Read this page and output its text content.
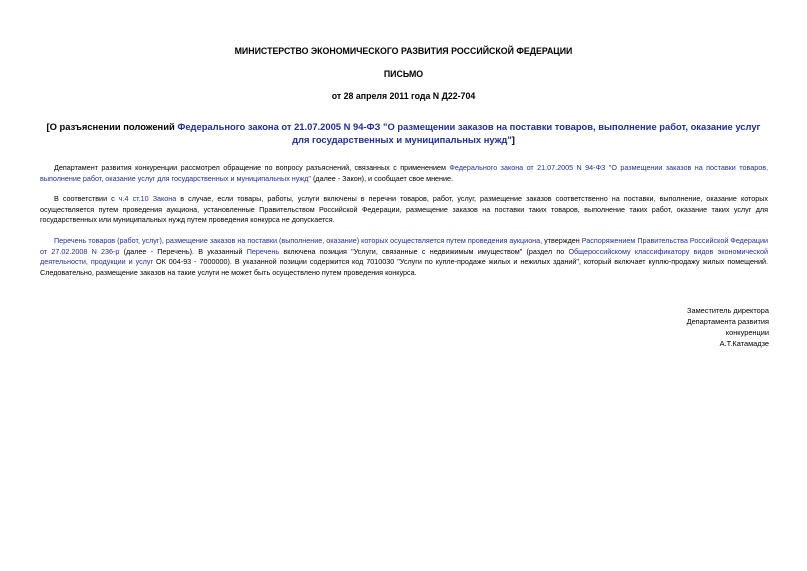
МИНИСТЕРСТВО ЭКОНОМИЧЕСКОГО РАЗВИТИЯ РОССИЙСКОЙ ФЕДЕРАЦИИ
ПИСЬМО
от 28 апреля 2011 года N Д22-704
[О разъяснении положений Федерального закона от 21.07.2005 N 94-ФЗ "О размещении заказов на поставки товаров, выполнение работ, оказание услуг для государственных и муниципальных нужд"]
Департамент развития конкуренции рассмотрел обращение по вопросу разъяснений, связанных с применением Федерального закона от 21.07.2005 N 94-ФЗ "О размещении заказов на поставки товаров, выполнение работ, оказание услуг для государственных и муниципальных нужд" (далее - Закон), и сообщает свое мнение.
В соответствии с ч.4 ст.10 Закона в случае, если товары, работы, услуги включены в перечни товаров, работ, услуг, размещение заказов соответственно на поставки, выполнение, оказание которых осуществляется путем проведения аукциона, установленные Правительством Российской Федерации, размещение заказов на поставки таких товаров, выполнение таких работ, оказание таких услуг для государственных или муниципальных нужд путем проведения конкурса не допускается.
Перечень товаров (работ, услуг), размещение заказов на поставки (выполнение, оказание) которых осуществляется путем проведения аукциона, утвержден Распоряжением Правительства Российской Федерации от 27.02.2008 N 236-р (далее - Перечень). В указанный Перечень включена позиция "Услуги, связанные с недвижимым имуществом" (раздел по Общероссийскому классификатору видов экономической деятельности, продукции и услуг ОК 004-93 - 7000000). В указанной позиции содержится код 7010030 "Услуги по купле-продаже жилых и нежилых зданий", который включает куплю-продажу жилых помещений. Следовательно, размещение заказов на такие услуги не может быть осуществлено путем проведения конкурса.
Заместитель директора
Департамента развития
конкуренции
А.Т.Катамадзе
